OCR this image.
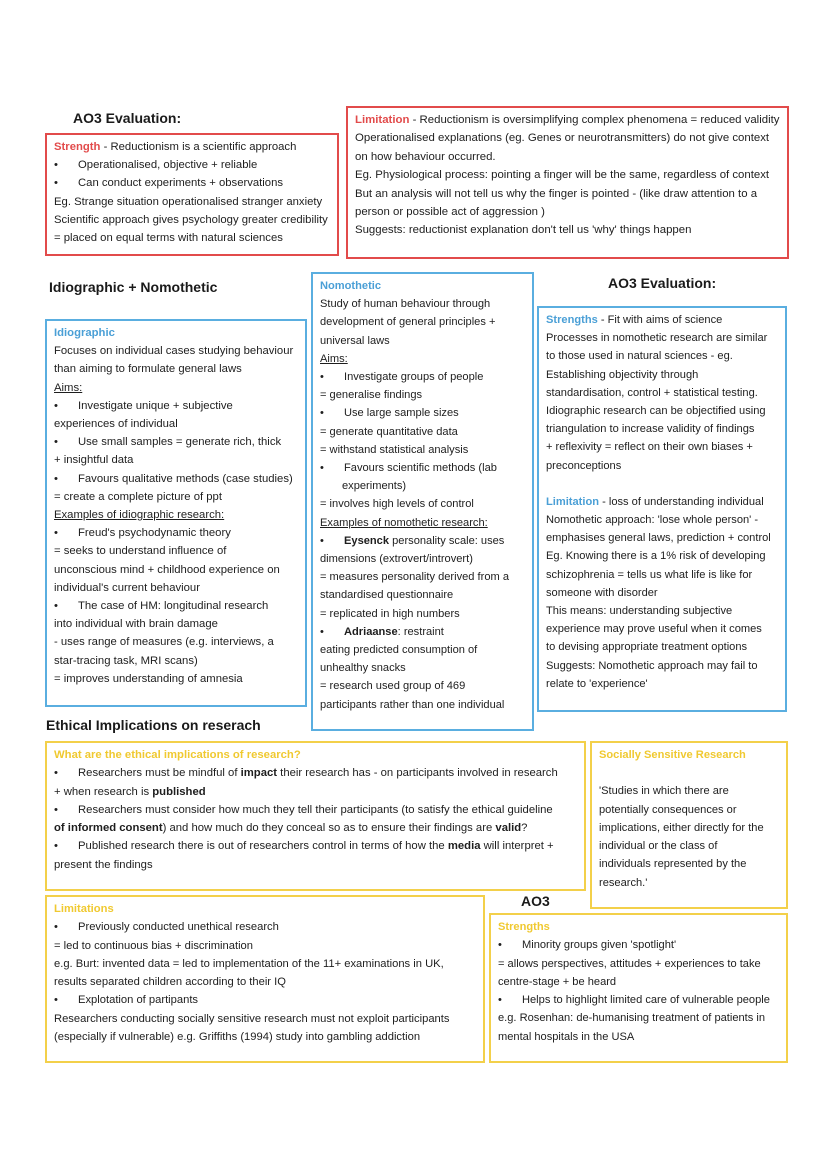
AO3 Evaluation:
Idiographic + Nomothetic	AO3 Evaluation:
Ethical Implications on reserach
AO3
Strength - Reductionism is a scientific approach
• Operationalised, objective + reliable
• Can conduct experiments + observations
Eg. Strange situation operationalised stranger anxiety
Scientific approach gives psychology greater credibility
= placed on equal terms with natural sciences
Limitation - Reductionism is oversimplifying complex phenomena = reduced validity
Operationalised explanations (eg. Genes or neurotransmitters) do not give context
on how behaviour occurred.
Eg. Physiological process: pointing a finger will be the same, regardless of context
But an analysis will not tell us why the finger is pointed - (like draw attention to a
person or possible act of aggression )
Suggests: reductionist explanation don't tell us 'why' things happen
Idiographic
Focuses on individual cases studying behaviour
than aiming to formulate general laws
Aims:
• Investigate unique + subjective
experiences of individual
• Use small samples = generate rich, thick
+ insightful data
• Favours qualitative methods (case studies)
= create a complete picture of ppt
Examples of idiographic research:
• Freud's psychodynamic theory
= seeks to understand influence of
unconscious mind + childhood experience on
individual's current behaviour
• The case of HM: longitudinal research
into individual with brain damage
- uses range of measures (e.g. interviews, a
star-tracing task, MRI scans)
= improves understanding of amnesia
Nomothetic
Study of human behaviour through
development of general principles +
universal laws
Aims:
• Investigate groups of people
= generalise findings
• Use large sample sizes
= generate quantitative data
= withstand statistical analysis
• Favours scientific methods (lab
experiments)
= involves high levels of control
Examples of nomothetic research:
• Eysenck personality scale: uses
dimensions (extrovert/introvert)
= measures personality derived from a
standardised questionnaire
= replicated in high numbers
• Adriaanse: restraint
eating predicted consumption of
unhealthy snacks
= research used group of 469
participants rather than one individual
Strengths - Fit with aims of science
Processes in nomothetic research are similar
to those used in natural sciences - eg.
Establishing objectivity through
standardisation, control + statistical testing.
Idiographic research can be objectified using
triangulation to increase validity of findings
+ reflexivity = reflect on their own biases +
preconceptions
Limitation - loss of understanding individual
Nomothetic approach: 'lose whole person' -
emphasises general laws, prediction + control
Eg. Knowing there is a 1% risk of developing
schizophrenia = tells us what life is like for
someone with disorder
This means: understanding subjective
experience may prove useful when it comes
to devising appropriate treatment options
Suggests: Nomothetic approach may fail to
relate to 'experience'
What are the ethical implications of research?
• Researchers must be mindful of impact their research has - on participants involved in research
+ when research is published
• Researchers must consider how much they tell their participants (to satisfy the ethical guideline
of informed consent) and how much do they conceal so as to ensure their findings are valid?
• Published research there is out of researchers control in terms of how the media will interpret +
present the findings
Socially Sensitive Research
'Studies in which there are
potentially consequences or
implications, either directly for the
individual or the class of
individuals represented by the
research.'
Limitations
• Previously conducted unethical research
= led to continuous bias + discrimination
e.g. Burt: invented data = led to implementation of the 11+ examinations in UK,
results separated children according to their IQ
• Explotation of partipants
Researchers conducting socially sensitive research must not exploit participants
(especially if vulnerable) e.g. Griffiths (1994) study into gambling addiction
Strengths
• Minority groups given 'spotlight'
= allows perspectives, attitudes + experiences to take
centre-stage + be heard
• Helps to highlight limited care of vulnerable people
e.g. Rosenhan: de-humanising treatment of patients in
mental hospitals in the USA
